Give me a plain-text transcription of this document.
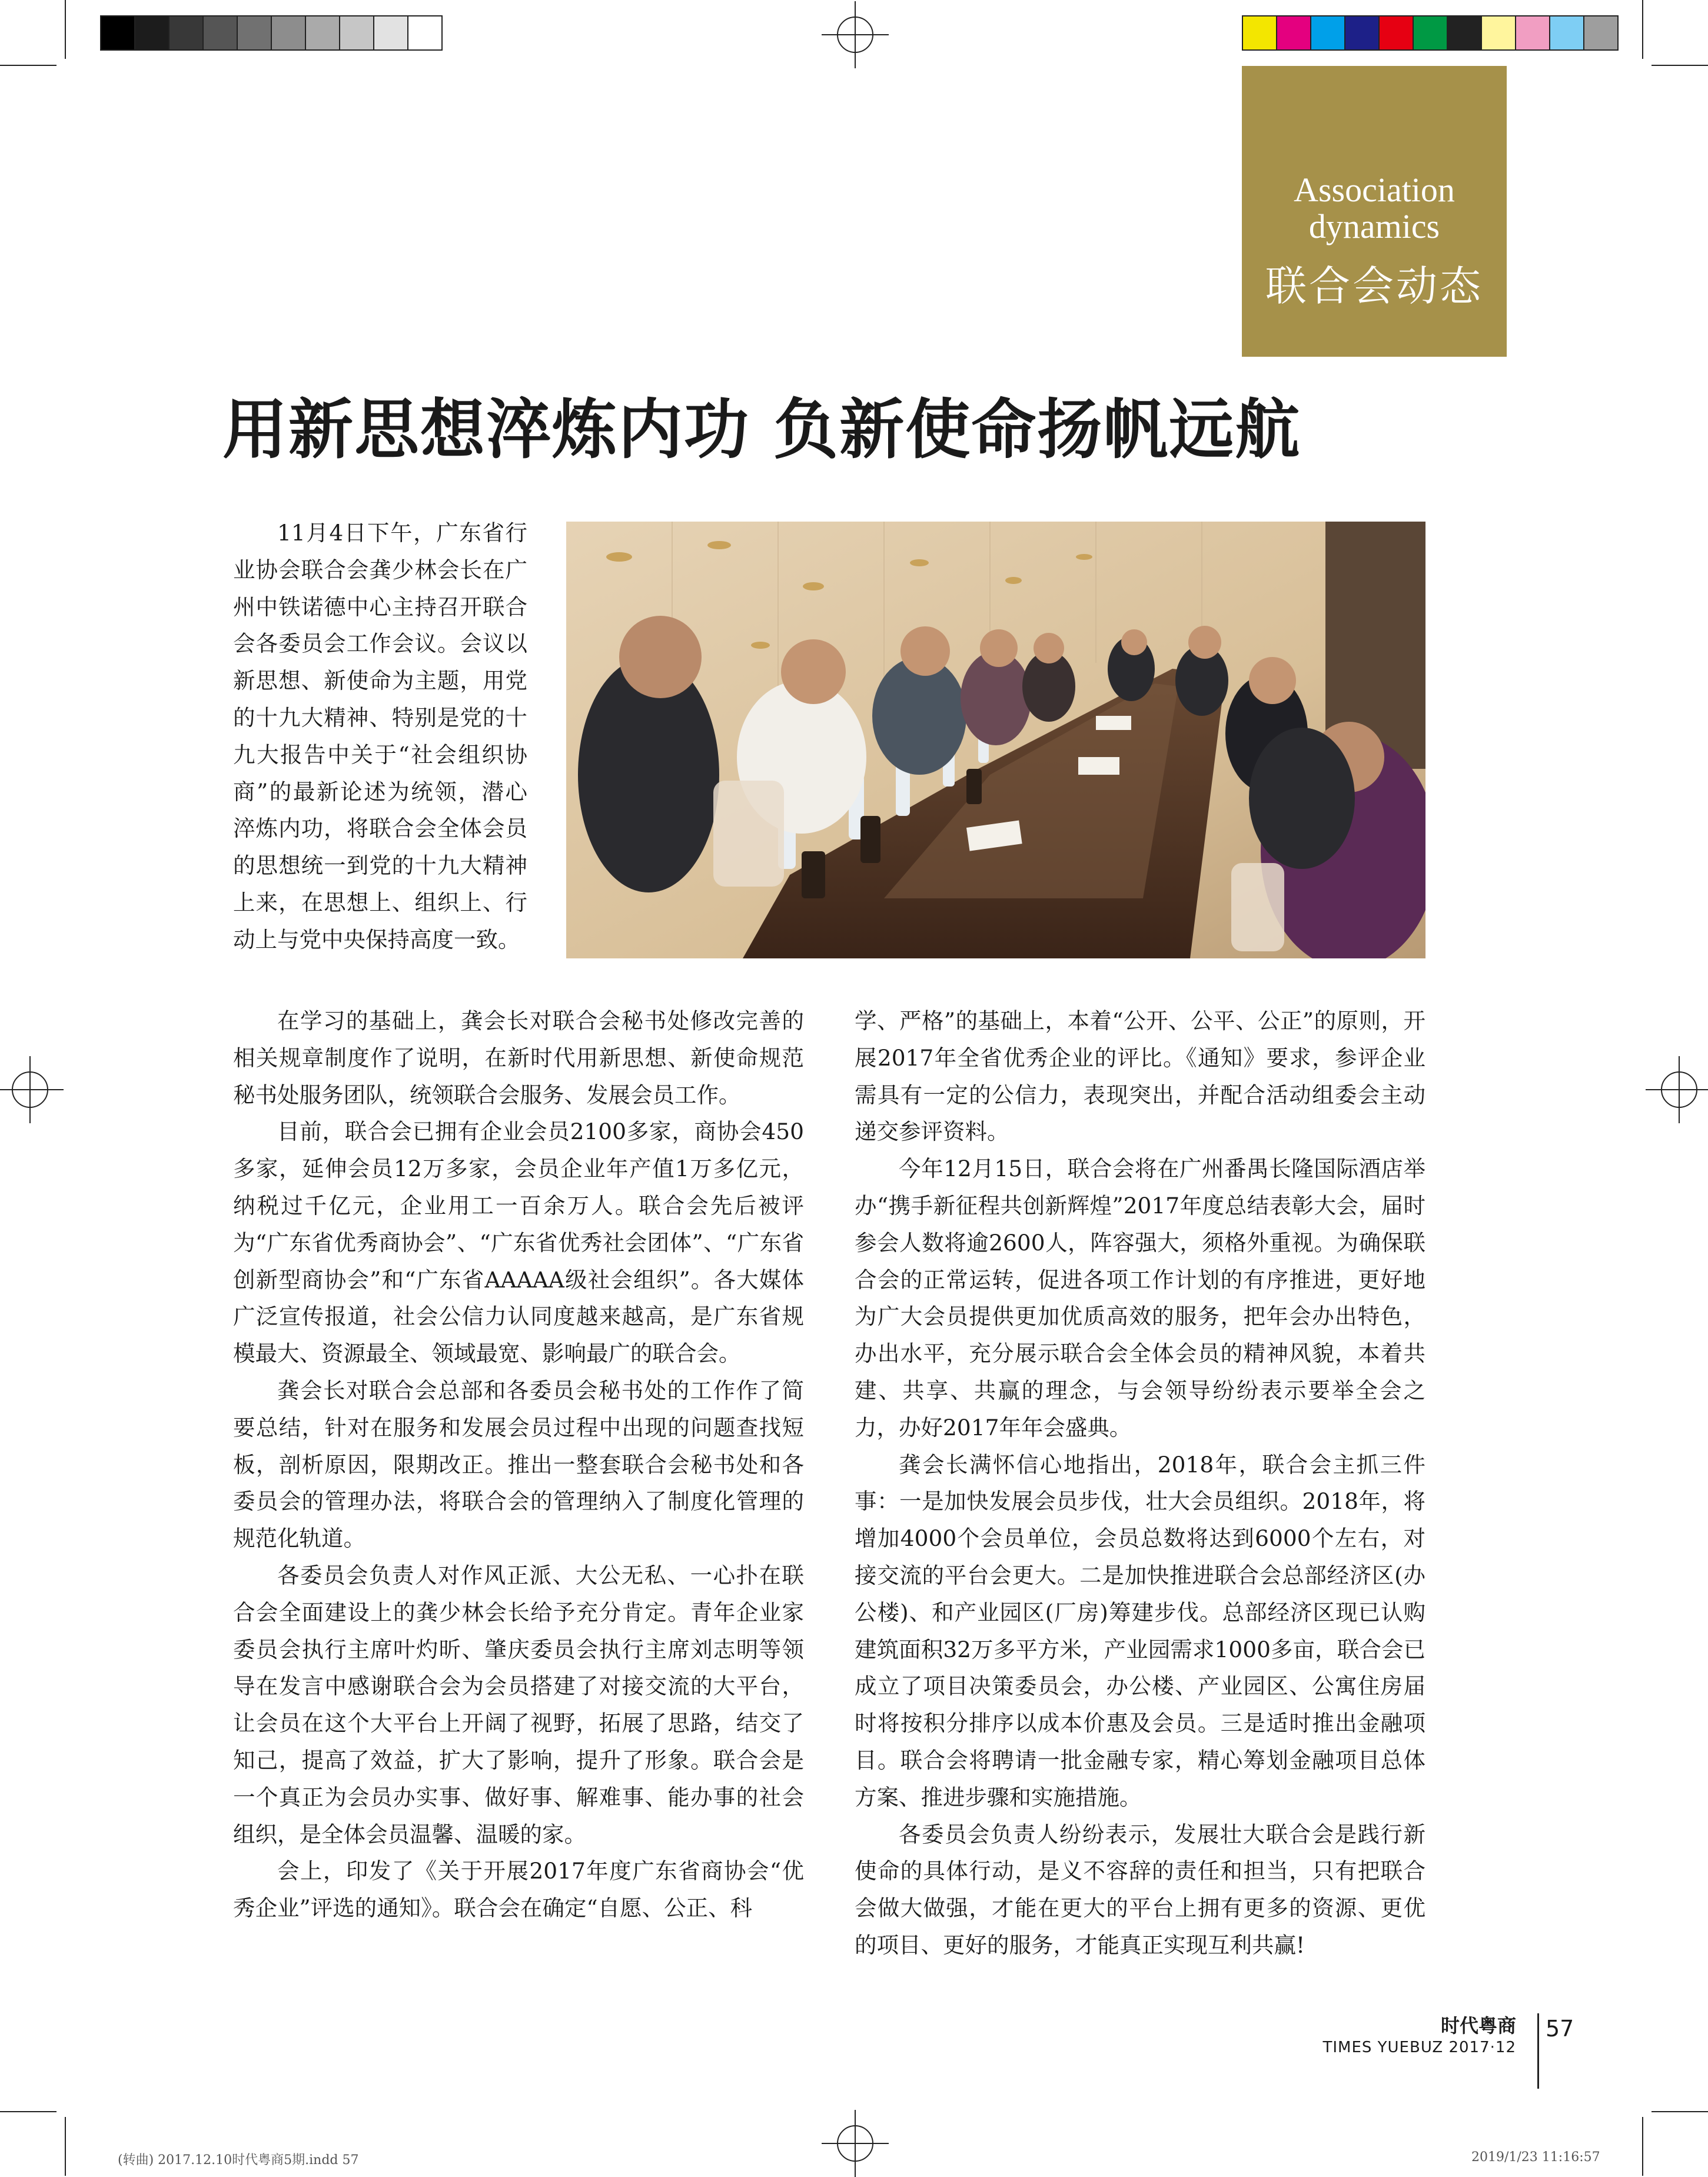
Association
dynamics
联合会动态
用新思想淬炼内功 负新使命扬帆远航

11月4日下午，广东省行业协会联合会龚少林会长在广州中铁诺德中心主持召开联合会各委员会工作会议。会议以新思想、新使命为主题，用党的十九大精神、特别是党的十九大报告中关于“社会组织协商”的最新论述为统领，潜心淬炼内功，将联合会全体会员的思想统一到党的十九大精神上来，在思想上、组织上、行动上与党中央保持高度一致。

在学习的基础上，龚会长对联合会秘书处修改完善的相关规章制度作了说明，在新时代用新思想、新使命规范秘书处服务团队，统领联合会服务、发展会员工作。

目前，联合会已拥有企业会员2100多家，商协会450多家，延伸会员12万多家，会员企业年产值1万多亿元，纳税过千亿元，企业用工一百余万人。联合会先后被评为“广东省优秀商协会”、“广东省优秀社会团体”、“广东省创新型商协会”和“广东省AAAAA级社会组织”。各大媒体广泛宣传报道，社会公信力认同度越来越高，是广东省规模最大、资源最全、领域最宽、影响最广的联合会。

龚会长对联合会总部和各委员会秘书处的工作作了简要总结，针对在服务和发展会员过程中出现的问题查找短板，剖析原因，限期改正。推出一整套联合会秘书处和各委员会的管理办法，将联合会的管理纳入了制度化管理的规范化轨道。

各委员会负责人对作风正派、大公无私、一心扑在联合会全面建设上的龚少林会长给予充分肯定。青年企业家委员会执行主席叶灼昕、肇庆委员会执行主席刘志明等领导在发言中感谢联合会为会员搭建了对接交流的大平台，让会员在这个大平台上开阔了视野，拓展了思路，结交了知己，提高了效益，扩大了影响，提升了形象。联合会是一个真正为会员办实事、做好事、解难事、能办事的社会组织，是全体会员温馨、温暖的家。

会上，印发了《关于开展2017年度广东省商协会“优秀企业”评选的通知》。联合会在确定“自愿、公正、科

学、严格”的基础上，本着“公开、公平、公正”的原则，开展2017年全省优秀企业的评比。《通知》要求，参评企业需具有一定的公信力，表现突出，并配合活动组委会主动递交参评资料。

今年12月15日，联合会将在广州番禺长隆国际酒店举办“携手新征程共创新辉煌”2017年度总结表彰大会，届时参会人数将逾2600人，阵容强大，须格外重视。为确保联合会的正常运转，促进各项工作计划的有序推进，更好地为广大会员提供更加优质高效的服务，把年会办出特色，办出水平，充分展示联合会全体会员的精神风貌，本着共建、共享、共赢的理念，与会领导纷纷表示要举全会之力，办好2017年年会盛典。

龚会长满怀信心地指出，2018年，联合会主抓三件事：一是加快发展会员步伐，壮大会员组织。2018年，将增加4000个会员单位，会员总数将达到6000个左右，对接交流的平台会更大。二是加快推进联合会总部经济区(办公楼)、和产业园区(厂房)筹建步伐。总部经济区现已认购建筑面积32万多平方米，产业园需求1000多亩，联合会已成立了项目决策委员会，办公楼、产业园区、公寓住房届时将按积分排序以成本价惠及会员。三是适时推出金融项目。联合会将聘请一批金融专家，精心筹划金融项目总体方案、推进步骤和实施措施。

各委员会负责人纷纷表示，发展壮大联合会是践行新使命的具体行动，是义不容辞的责任和担当，只有把联合会做大做强，才能在更大的平台上拥有更多的资源、更优的项目、更好的服务，才能真正实现互利共赢!

时代粤商
TIMES YUEBUZ 2017·12
57
(转曲) 2017.12.10时代粤商5期.indd 57	2019/1/23 11:16:57
